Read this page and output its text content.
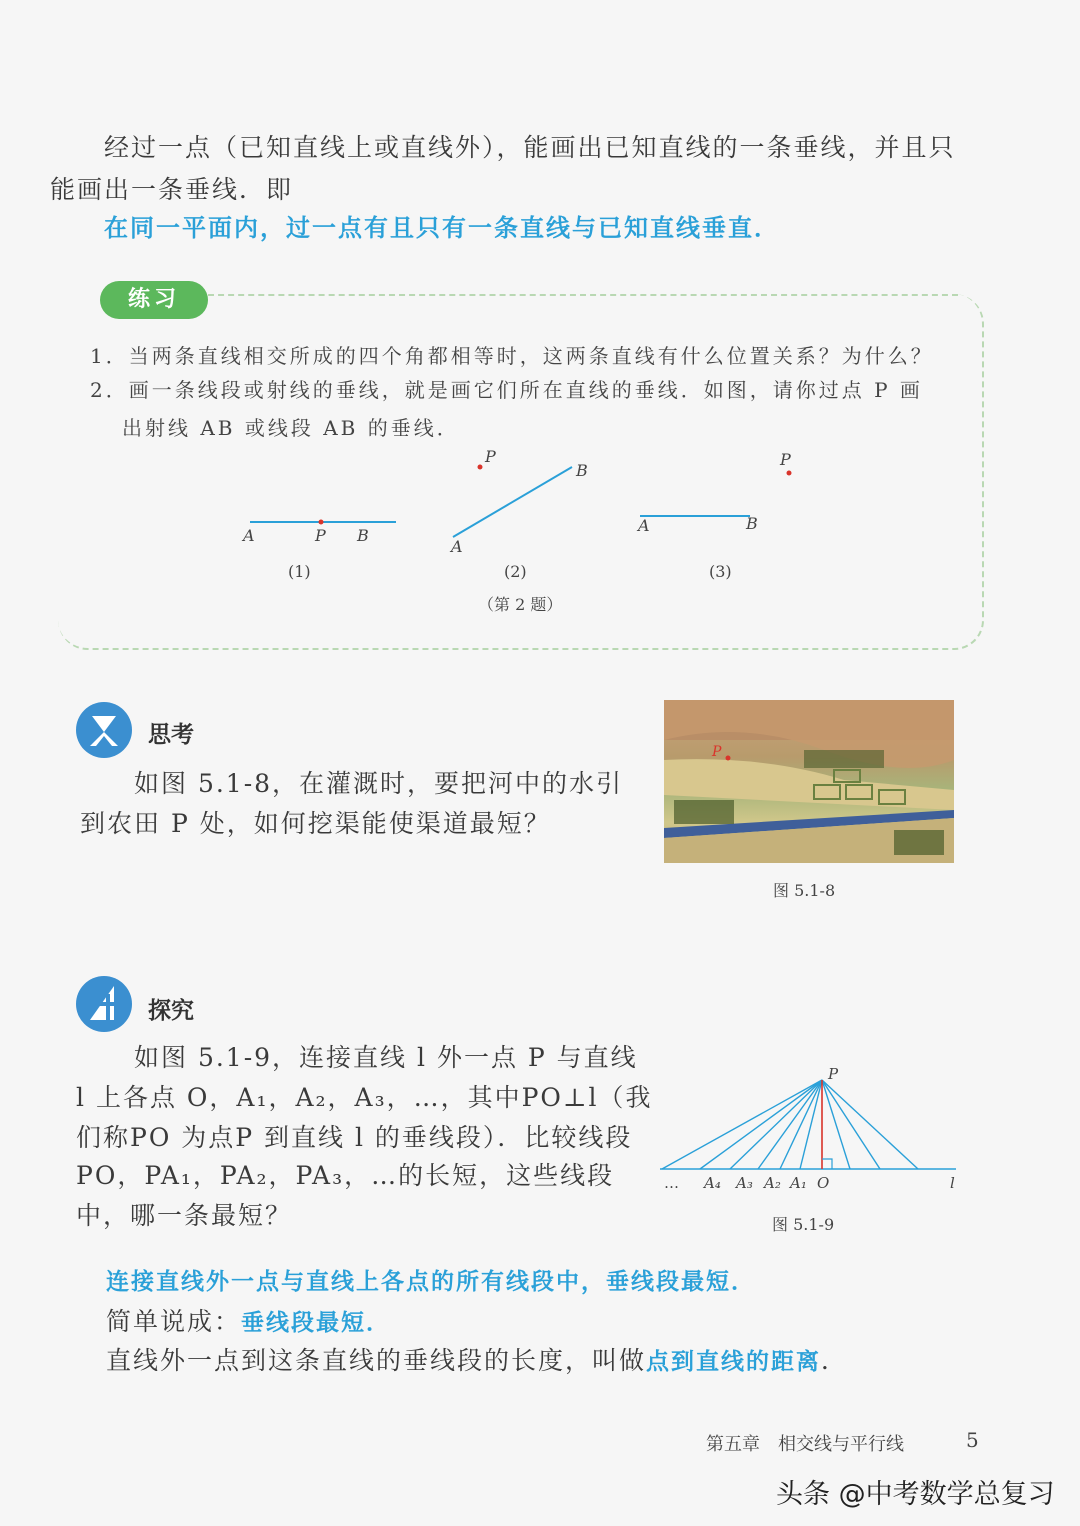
经过一点（已知直线上或直线外），能画出已知直线的一条垂线，并且只
能画出一条垂线．即
在同一平面内，过一点有且只有一条直线与已知直线垂直．
练习
1．当两条直线相交所成的四个角都相等时，这两条直线有什么位置关系？为什么？
2．画一条线段或射线的垂线，就是画它们所在直线的垂线．如图，请你过点 P 画
出射线 AB 或线段 AB 的垂线．
A	P B
(1)
P
B
A
(2)
P
A	B
(3)
（第 2 题）
思考
如图 5.1-8，在灌溉时，要把河中的水引
到农田 P 处，如何挖渠能使渠道最短？
P
图 5.1-8
探究
如图 5.1-9，连接直线 l 外一点 P 与直线
l 上各点 O，A₁，A₂，A₃，…，其中PO⊥l（我
们称PO 为点P 到直线 l 的垂线段）．比较线段
PO，PA₁，PA₂，PA₃，…的长短，这些线段
中，哪一条最短？
P
… A₄ A₃ A₂ A₁ O	l
图 5.1-9
连接直线外一点与直线上各点的所有线段中，垂线段最短．
简单说成：垂线段最短．
直线外一点到这条直线的垂线段的长度，叫做点到直线的距离．
第五章　相交线与平行线	5
头条 @中考数学总复习
